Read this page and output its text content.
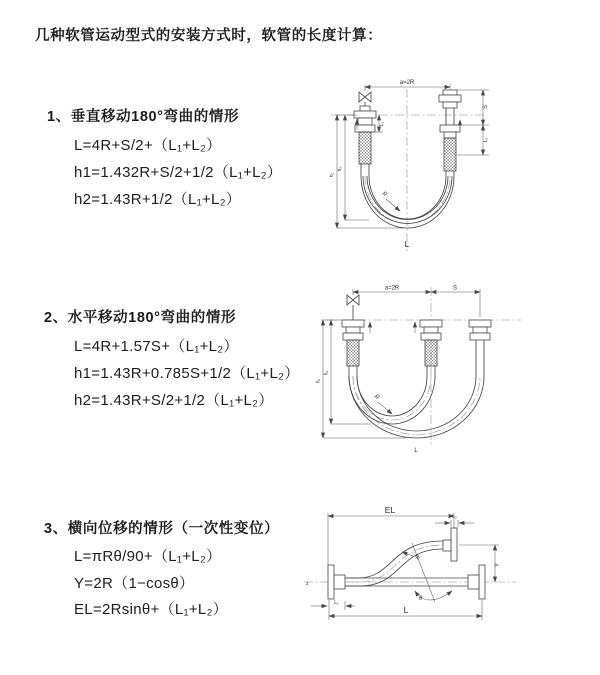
几种软管运动型式的安装方式时，软管的长度计算：
1、垂直移动180°弯曲的情形
L=4R+S/2+（L₁+L₂）
h1=1.432R+S/2+1/2（L₁+L₂）
h2=1.43R+1/2（L₁+L₂）
2、水平移动180°弯曲的情形
L=4R+1.57S+（L₁+L₂）
h1=1.43R+0.785S+1/2（L₁+L₂）
h2=1.43R+S/2+1/2（L₁+L₂）
3、横向位移的情形（一次性变位）
L=πRθ/90+（L₁+L₂）
Y=2R（1−cosθ）
EL=2Rsinθ+（L₁+L₂）
a=2R
S
L₂
h₂
h₁
L₁
R
L
a=2R	S
h₂
h₁
R
L
z
θ
R
EL
L₂
Y
L
L₁
